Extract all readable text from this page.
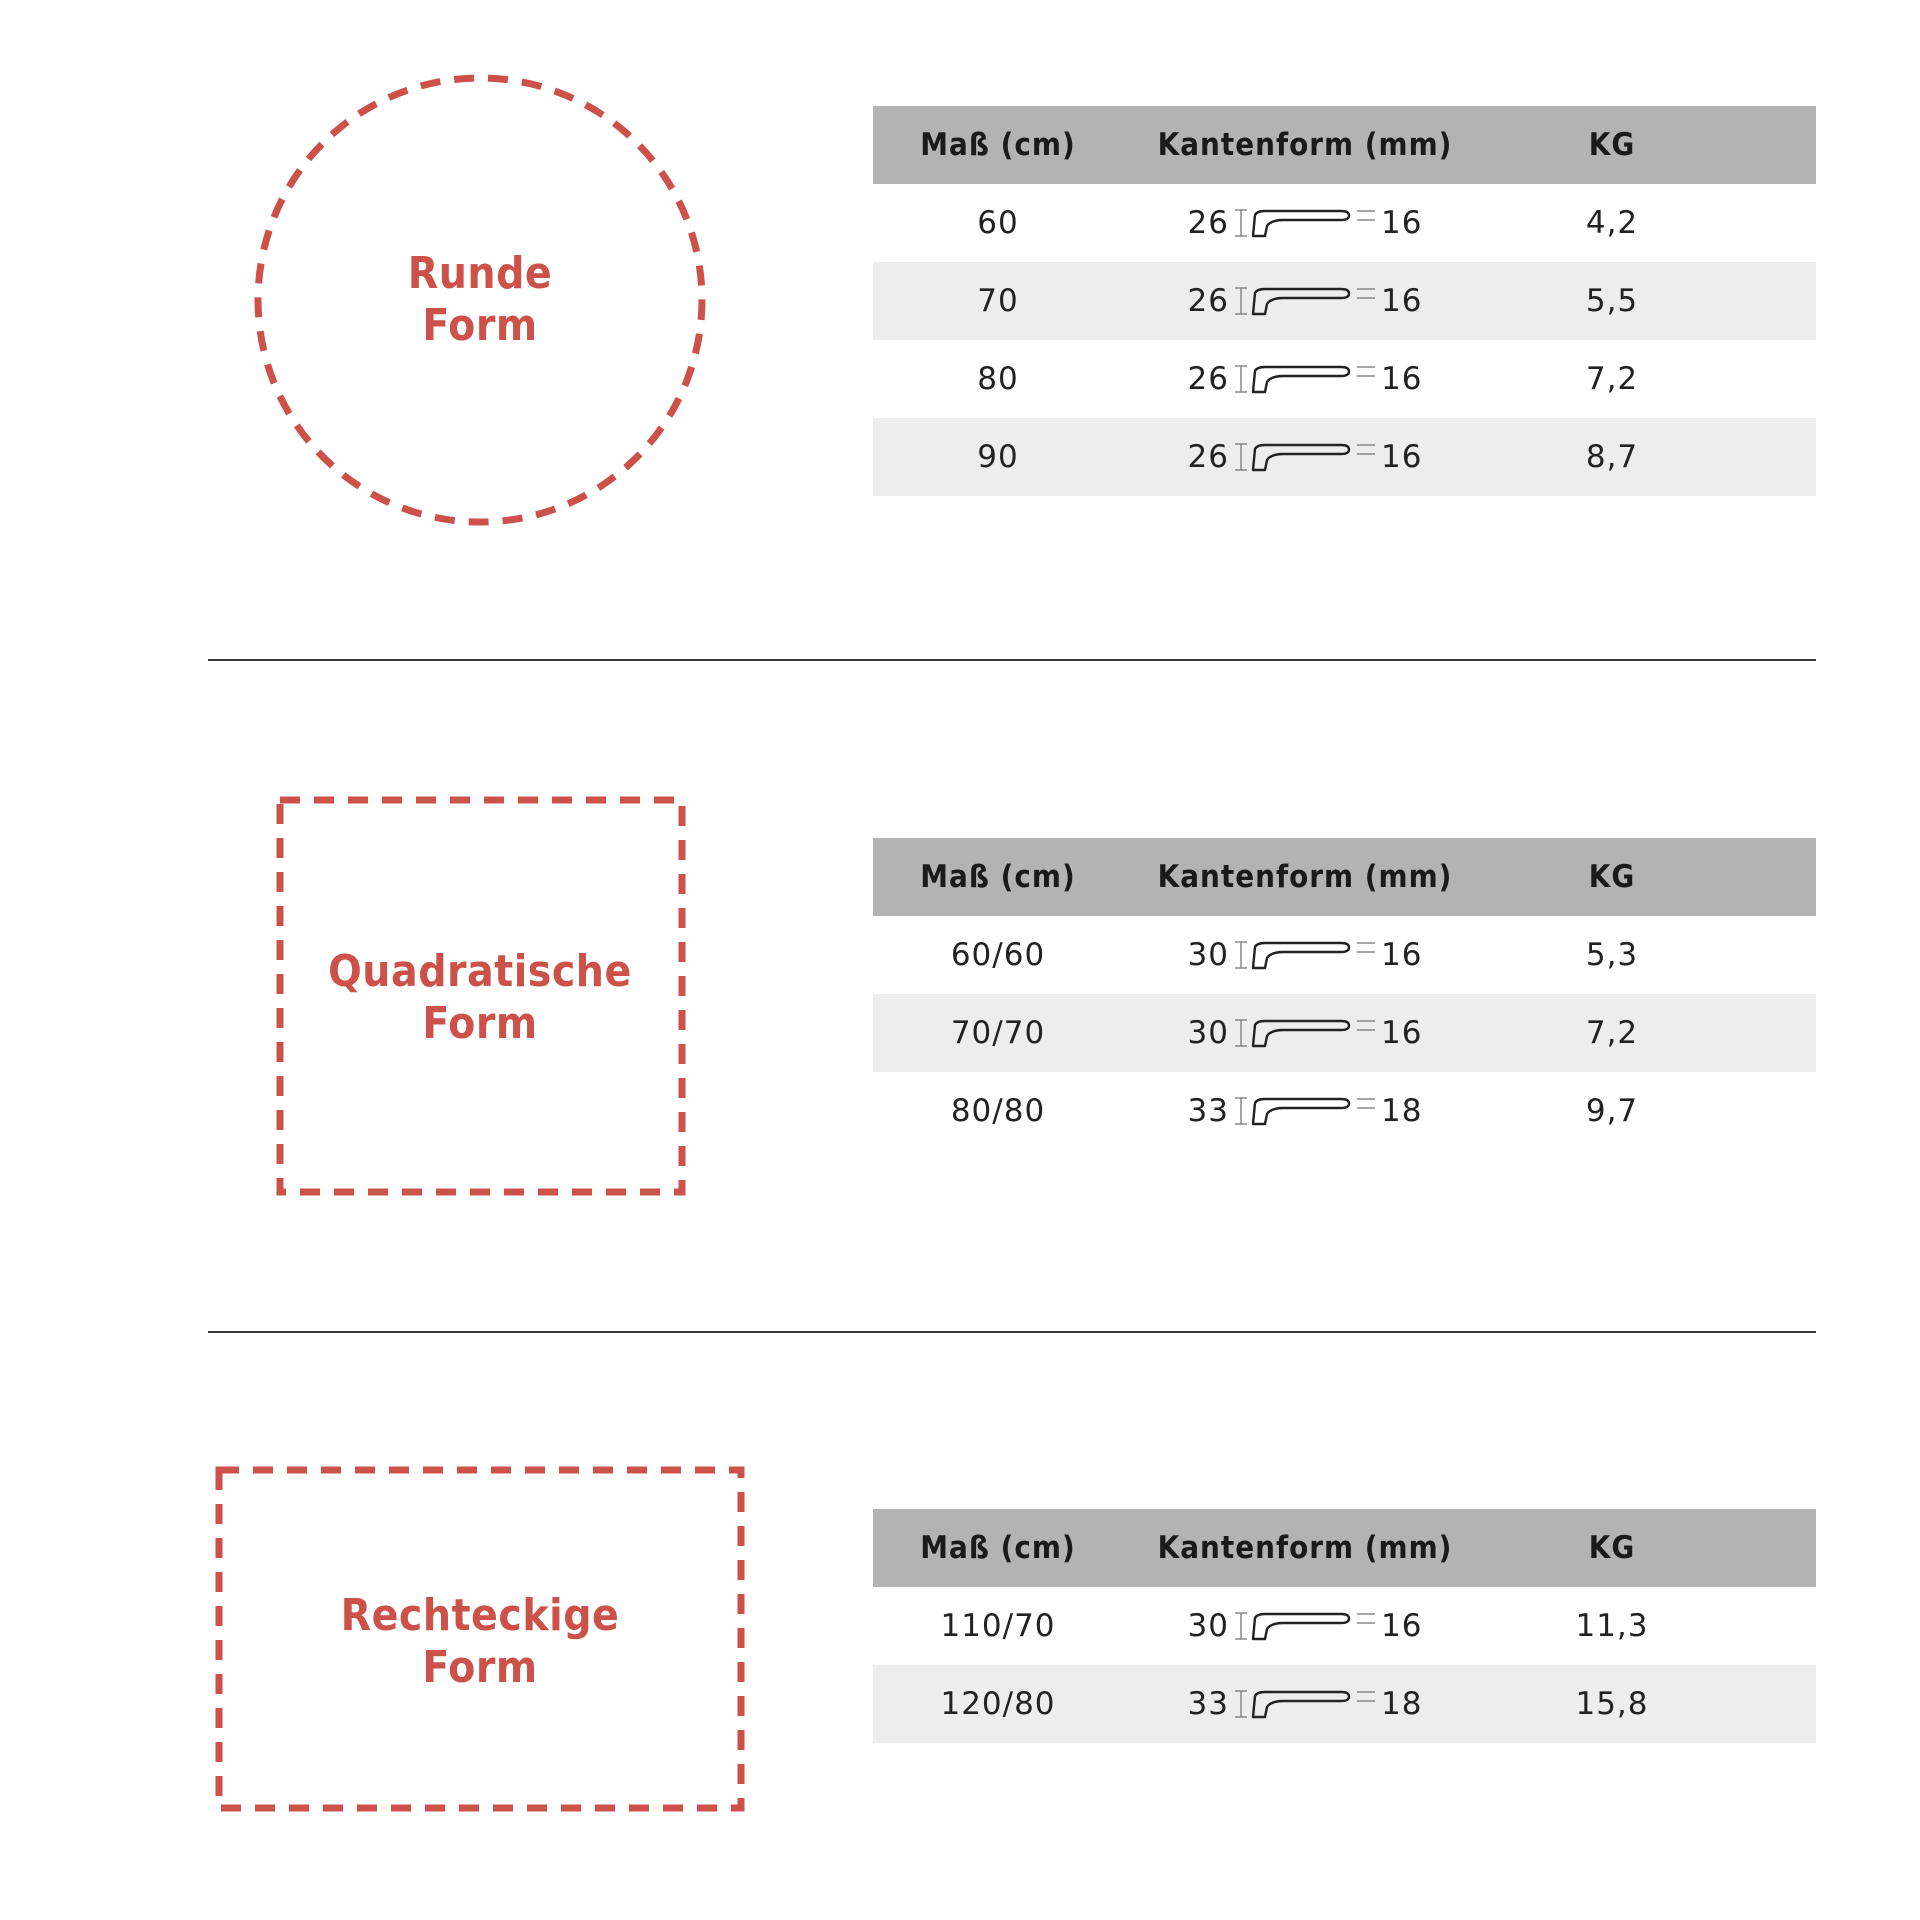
Runde
Form
Maß (cm)	Kantenform (mm)	KG
60	26	16	4,2
70	26	16	5,5
80	26	16	7,2
90	26	16	8,7
Quadratische
Form
Maß (cm)	Kantenform (mm)	KG
60/60	30	16	5,3
70/70	30	16	7,2
80/80	33	18	9,7
Rechteckige
Form
Maß (cm)	Kantenform (mm)	KG
110/70	30	16	11,3
120/80	33	18	15,8
